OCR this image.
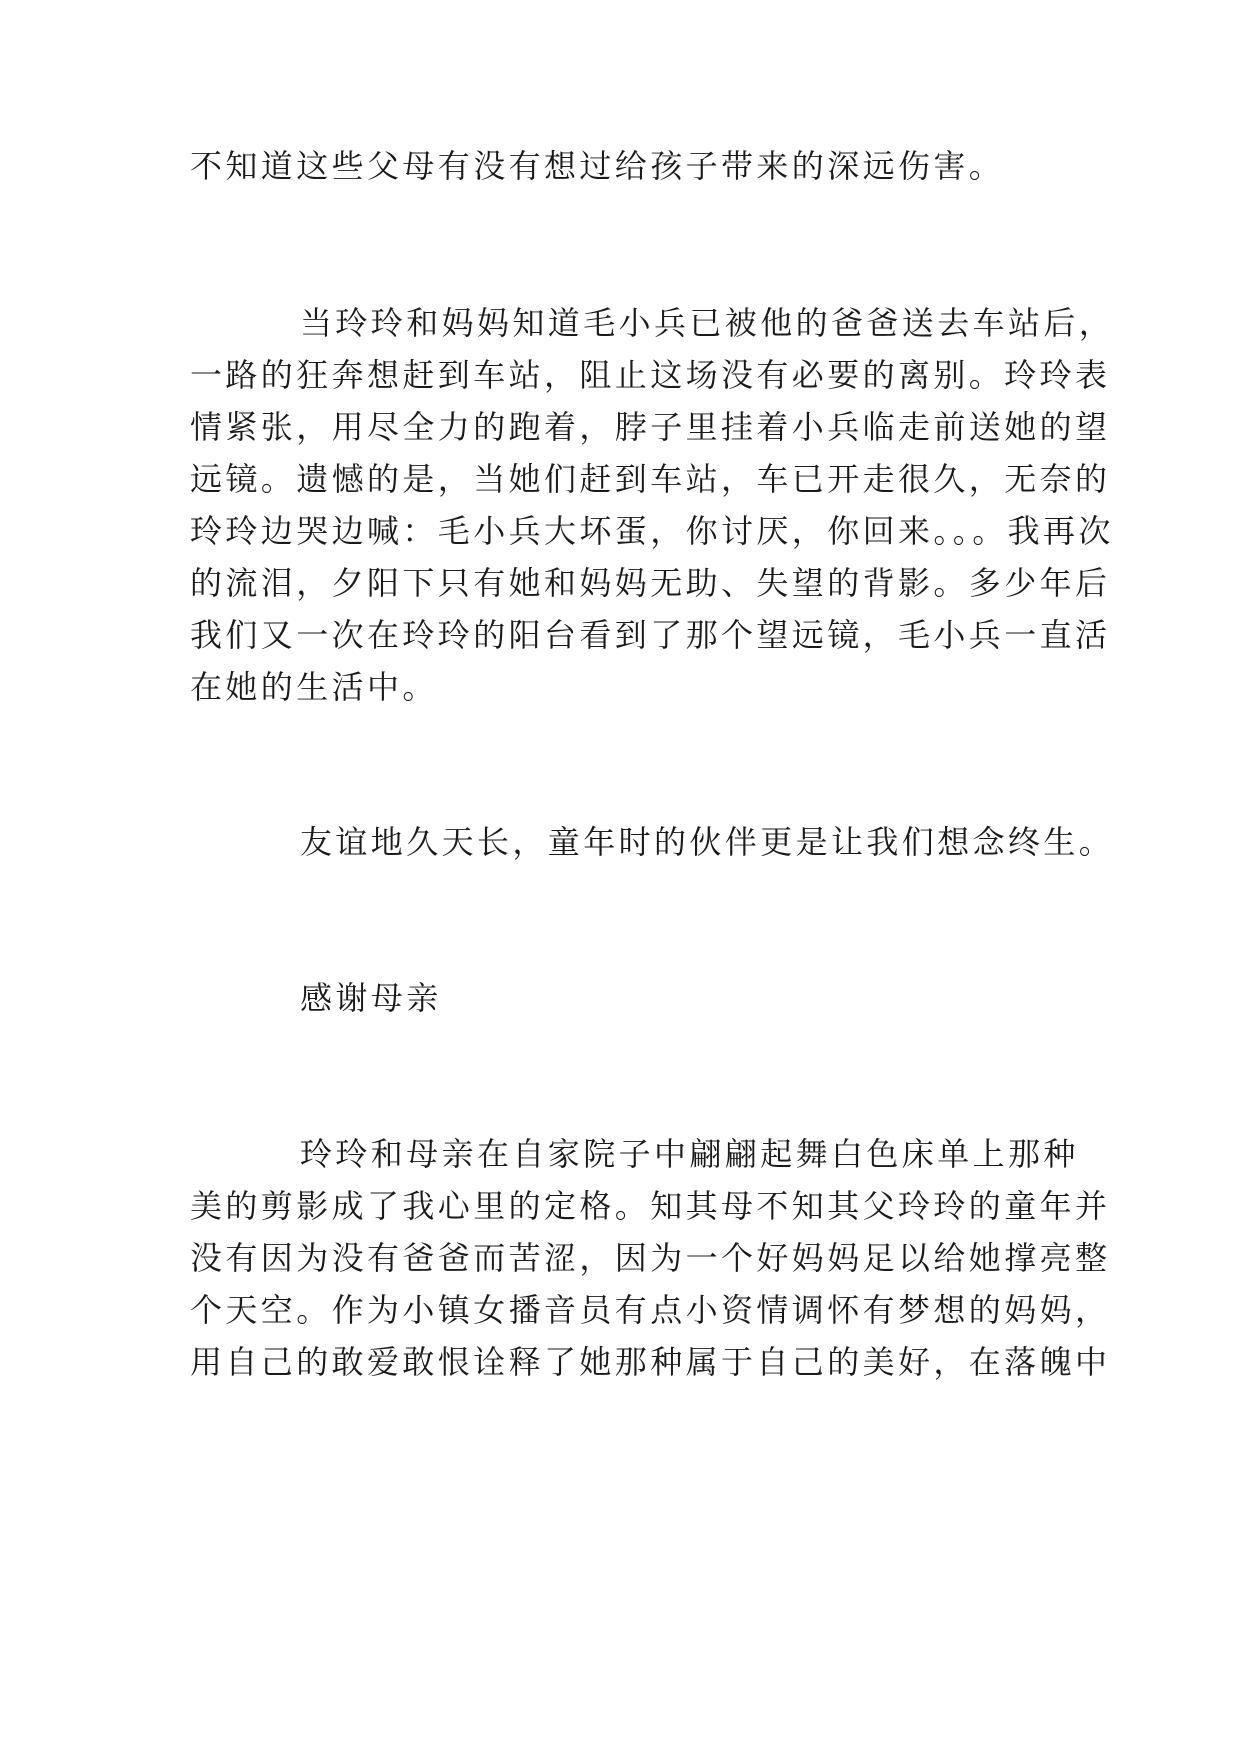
不知道这些父母有没有想过给孩子带来的深远伤害。

当玲玲和妈妈知道毛小兵已被他的爸爸送去车站后，

一路的狂奔想赶到车站，阻止这场没有必要的离别。玲玲表

情紧张，用尽全力的跑着，脖子里挂着小兵临走前送她的望

远镜。遗憾的是，当她们赶到车站，车已开走很久，无奈的

玲玲边哭边喊：毛小兵大坏蛋，你讨厌，你回来。。。我再次

的流泪，夕阳下只有她和妈妈无助、失望的背影。多少年后

我们又一次在玲玲的阳台看到了那个望远镜，毛小兵一直活

在她的生活中。

友谊地久天长，童年时的伙伴更是让我们想念终生。

感谢母亲

玲玲和母亲在自家院子中翩翩起舞白色床单上那种

美的剪影成了我心里的定格。知其母不知其父玲玲的童年并

没有因为没有爸爸而苦涩，因为一个好妈妈足以给她撑亮整

个天空。作为小镇女播音员有点小资情调怀有梦想的妈妈，

用自己的敢爱敢恨诠释了她那种属于自己的美好，在落魄中
